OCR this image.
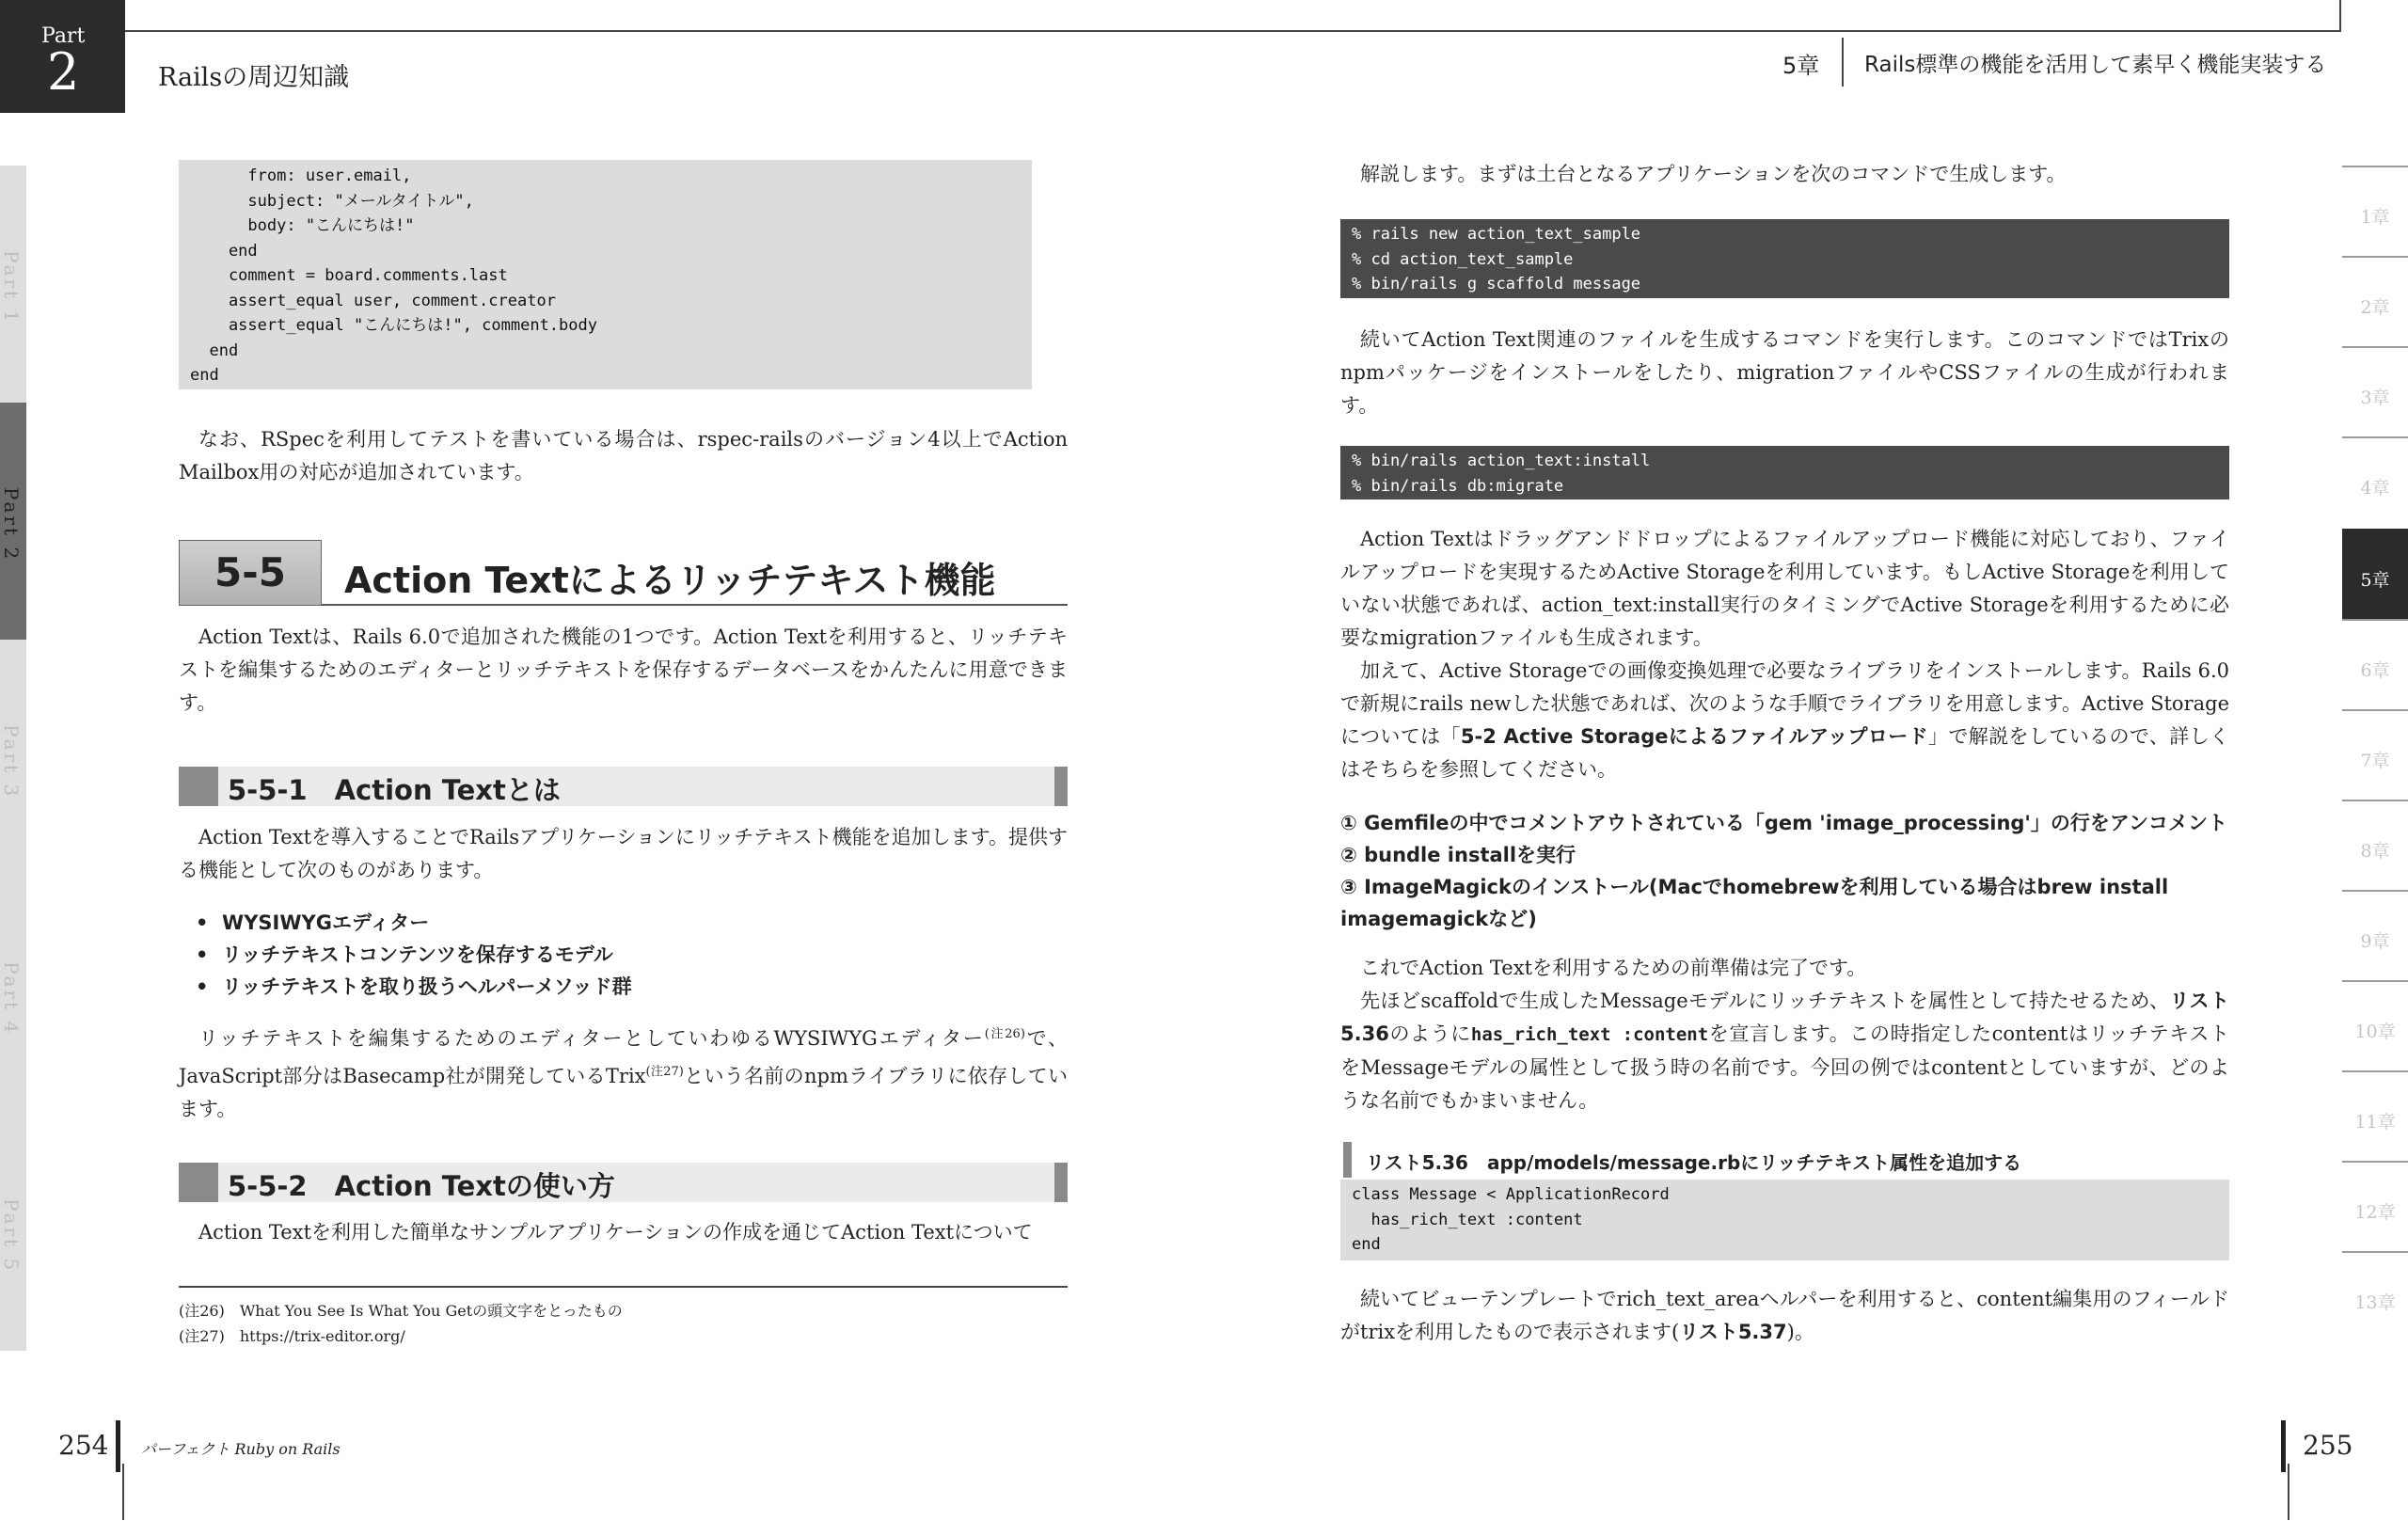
Part
2	Railsの周辺知識	5章 Rails標準の機能を活用して素早く機能実装する
Part 1
Part 2
Part 3
Part 4
Part 5
1章
2章
3章
4章
5章
6章
7章
8章
9章
10章
11章
12章
13章
from: user.email,
subject: "メールタイトル",
body: "こんにちは!"
end
comment = board.comments.last
assert_equal user, comment.creator
assert_equal "こんにちは!", comment.body
end
end
なお、RSpecを利用してテストを書いている場合は、rspec-railsのバージョン4以上でAction Mailbox用の対応が追加されています。
5-5	Action Textによるリッチテキスト機能
Action Textは、Rails 6.0で追加された機能の1つです。Action Textを利用すると、リッチテキストを編集するためのエディターとリッチテキストを保存するデータベースをかんたんに用意できます。
5-5-1　Action Textとは
Action Textを導入することでRailsアプリケーションにリッチテキスト機能を追加します。提供する機能として次のものがあります。
•  WYSIWYGエディター
•  リッチテキストコンテンツを保存するモデル
•  リッチテキストを取り扱うヘルパーメソッド群
リッチテキストを編集するためのエディターとしていわゆるWYSIWYGエディター$^{(注26)}$で、JavaScript部分はBasecamp社が開発しているTrix$^{(注27)}$という名前のnpmライブラリに依存しています。
5-5-2　Action Textの使い方
Action Textを利用した簡単なサンプルアプリケーションの作成を通じてAction Textについて
(注26)　What You See Is What You Getの頭文字をとったもの
(注27)　https://trix-editor.org/
254 パーフェクト Ruby on Rails
解説します。まずは土台となるアプリケーションを次のコマンドで生成します。
% rails new action_text_sample
% cd action_text_sample
% bin/rails g scaffold message
続いてAction Text関連のファイルを生成するコマンドを実行します。このコマンドではTrixのnpmパッケージをインストールをしたり、migrationファイルやCSSファイルの生成が行われます。
% bin/rails action_text:install
% bin/rails db:migrate
Action Textはドラッグアンドドロップによるファイルアップロード機能に対応しており、ファイルアップロードを実現するためActive Storageを利用しています。もしActive Storageを利用していない状態であれば、action_text:install実行のタイミングでActive Storageを利用するために必要なmigrationファイルも生成されます。
加えて、Active Storageでの画像変換処理で必要なライブラリをインストールします。Rails 6.0で新規にrails newした状態であれば、次のような手順でライブラリを用意します。Active Storageについては「5-2 Active Storageによるファイルアップロード」で解説をしているので、詳しくはそちらを参照してください。
① Gemfileの中でコメントアウトされている「gem 'image_processing'」の行をアンコメント
② bundle installを実行
③ ImageMagickのインストール(Macでhomebrewを利用している場合はbrew install imagemagickなど)
これでAction Textを利用するための前準備は完了です。
先ほどscaffoldで生成したMessageモデルにリッチテキストを属性として持たせるため、リスト5.36のようにhas_rich_text :contentを宣言します。この時指定したcontentはリッチテキストをMessageモデルの属性として扱う時の名前です。今回の例ではcontentとしていますが、どのような名前でもかまいません。
リスト5.36　app/models/message.rbにリッチテキスト属性を追加する
class Message < ApplicationRecord
has_rich_text :content
end
続いてビューテンプレートでrich_text_areaヘルパーを利用すると、content編集用のフィールドがtrixを利用したもので表示されます(リスト5.37)。
255
